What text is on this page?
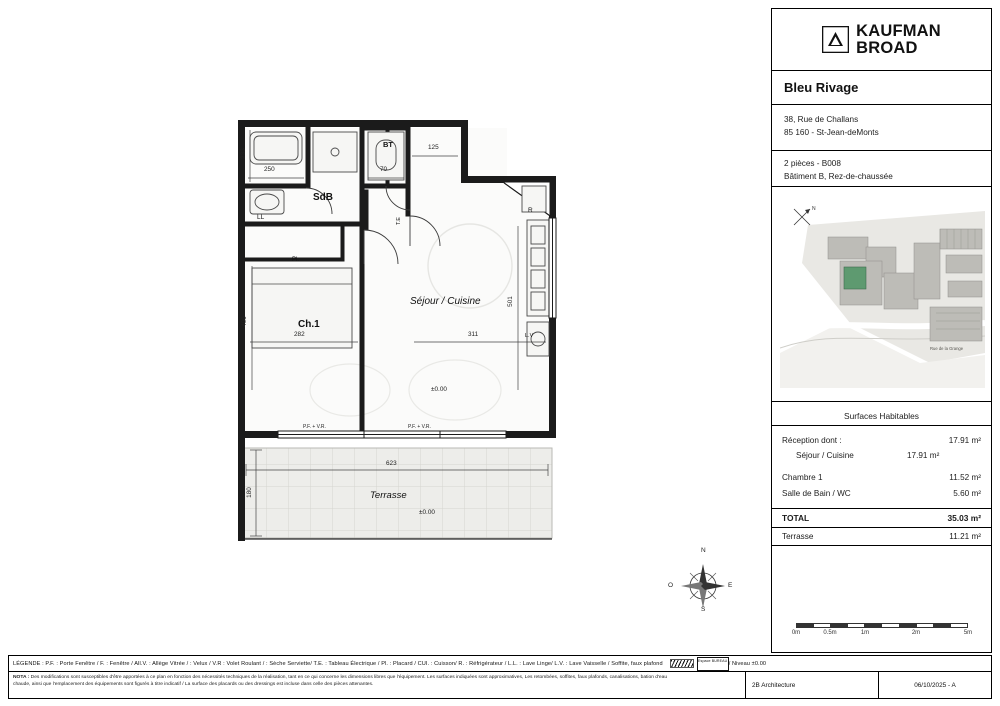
SdB
BT
Ch.1
Séjour / Cuisine
Terrasse
LL
Pl.
R
T.E
L.V
250
233
70
125
409
282	311
501
623
180
±0.00
±0.00
P.F. + V.R.	P.F. + V.R.
N
S
E
O
KAUFMAN
BROAD
Bleu Rivage
38, Rue de Challans
85 160 - St-Jean-deMonts
2 pièces - B008
Bâtiment B, Rez-de-chaussée
Rue de la Grange
N
Surfaces Habitables
Réception dont :	17.91 m²
Séjour / Cuisine	17.91 m²
Chambre 1	11.52 m²
Salle de Bain / WC	5.60 m²
TOTAL	35.03 m²
Terrasse	11.21 m²
0m	0.5m	1m	2m	5m
LÉGENDE : P.F. : Porte Fenêtre / F. : Fenêtre / All.V. : Allège Vitrée / : Velux / V.R : Volet Roulant / : Sèche Serviette/ T.E. : Tableau Électrique / Pl. : Placard / CUI. : Cuisson/ R. : Réfrigérateur / L.L. : Lave Linge/ L.V. : Lave Vaisselle / Soffite, faux plafond	Espace BUREAU / Niveau ±0.00
NOTA : Des modifications sont susceptibles d'être apportées à ce plan en fonction des nécessités techniques de la réalisation, tant en ce qui concerne les dimensions libres que l'équipement. Les surfaces indiquées sont approximatives, Les retombées, soffites, faux plafonds, canalisations, bation d'eau
chaude, ainsi que l'emplacement des équipements sont figurés à titre indicatif / La surface des placards ou des dressings est incluse dans celle des pièces attenantes.	2B Architecture	06/10/2025 - A
